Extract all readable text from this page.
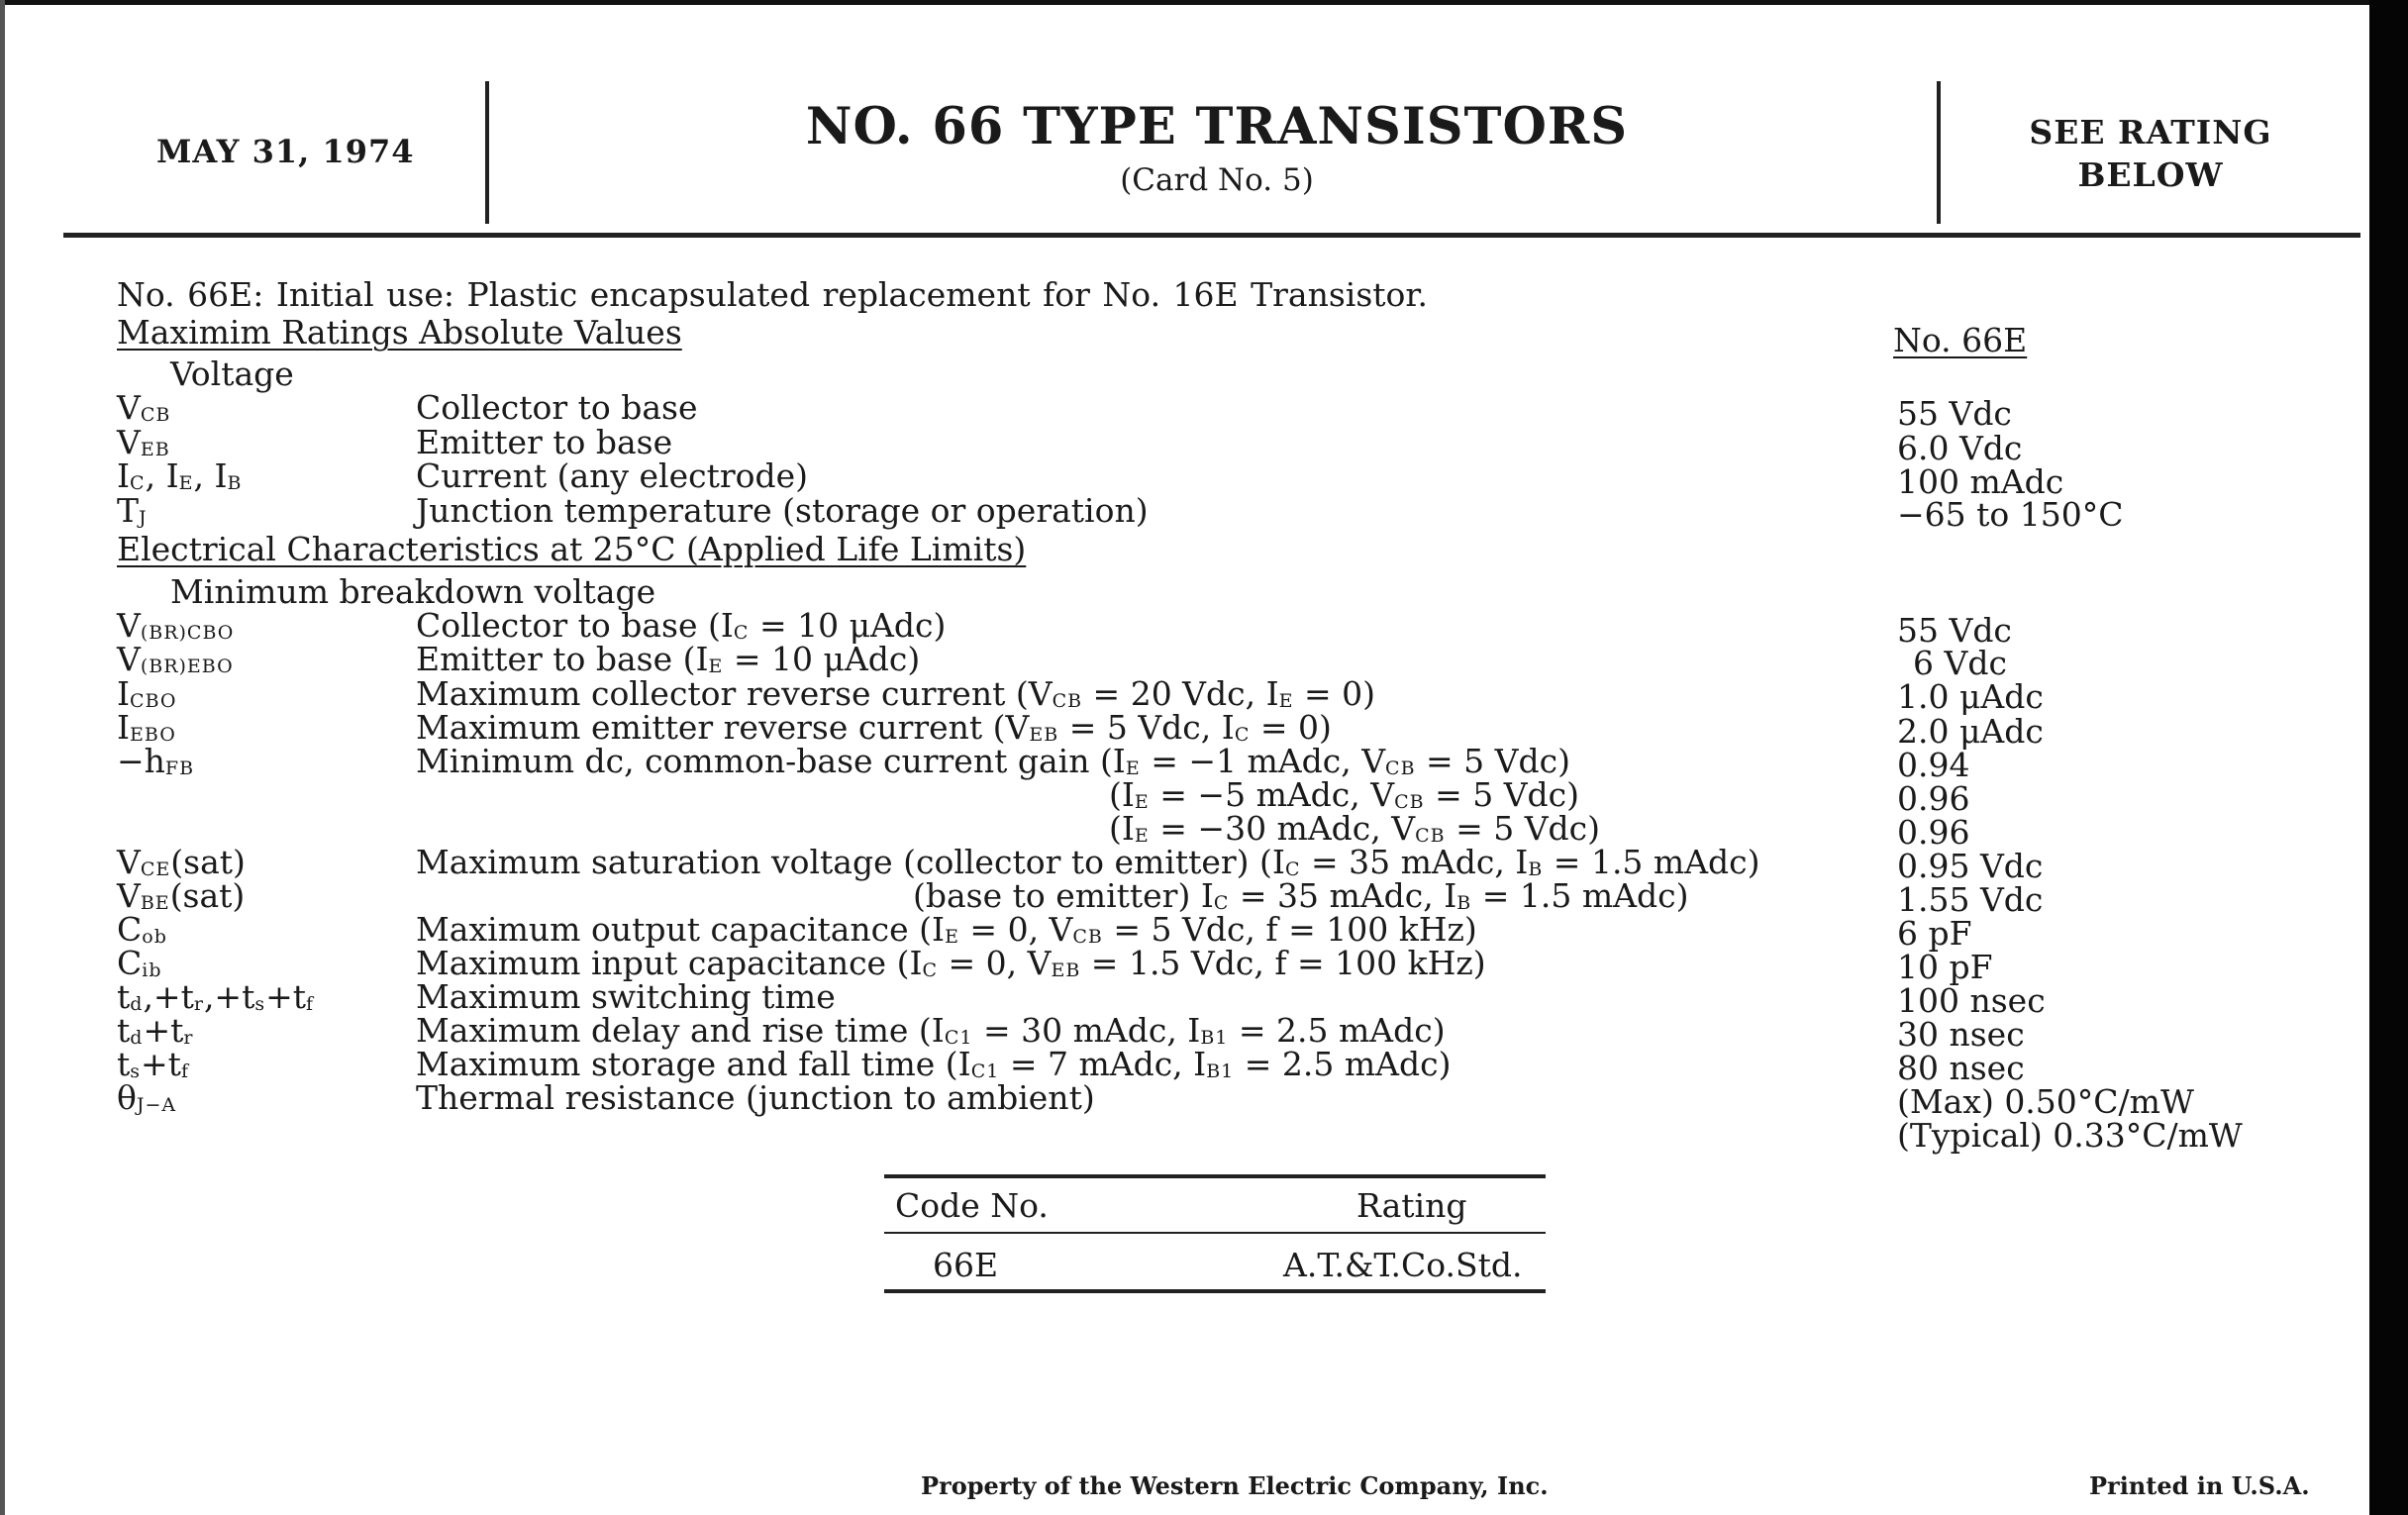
MAY 31, 1974	NO. 66 TYPE TRANSISTORS
(Card No. 5)
SEE RATING
BELOW
No. 66E: Initial use: Plastic encapsulated replacement for No. 16E Transistor.
Maximim Ratings Absolute Values	No. 66E
Voltage
VCB	Collector to base	55 Vdc
VEB	Emitter to base	6.0 Vdc
IC, IE, IB	Current (any electrode)	100 mAdc
TJ	Junction temperature (storage or operation)	−65 to 150°C
Electrical Characteristics at 25°C (Applied Life Limits)
Minimum breakdown voltage
V(BR)CBO	Collector to base (IC = 10 μAdc)	55 Vdc
V(BR)EBO	Emitter to base (IE = 10 μAdc)	6 Vdc
ICBO	Maximum collector reverse current (VCB = 20 Vdc, IE = 0)	1.0 μAdc
IEBO	Maximum emitter reverse current (VEB = 5 Vdc, IC = 0)	2.0 μAdc
−hFB	Minimum dc, common-base current gain (IE = −1 mAdc, VCB = 5 Vdc)	0.94
(IE = −5 mAdc, VCB = 5 Vdc)	0.96
(IE = −30 mAdc, VCB = 5 Vdc)	0.96
VCE(sat)	Maximum saturation voltage (collector to emitter) (IC = 35 mAdc, IB = 1.5 mAdc)	0.95 Vdc
VBE(sat)	(base to emitter) IC = 35 mAdc, IB = 1.5 mAdc)	1.55 Vdc
Cob	Maximum output capacitance (IE = 0, VCB = 5 Vdc, f = 100 kHz)	6 pF
Cib	Maximum input capacitance (IC = 0, VEB = 1.5 Vdc, f = 100 kHz)	10 pF
td,+tr,+ts+tf	Maximum switching time	100 nsec
td+tr	Maximum delay and rise time (IC1 = 30 mAdc, IB1 = 2.5 mAdc)	30 nsec
ts+tf	Maximum storage and fall time (IC1 = 7 mAdc, IB1 = 2.5 mAdc)	80 nsec
θJ−A	Thermal resistance (junction to ambient)	(Max) 0.50°C/mW
(Typical) 0.33°C/mW
Code No.	Rating
66E	A.T.&T.Co.Std.
Property of the Western Electric Company, Inc.	Printed in U.S.A.
